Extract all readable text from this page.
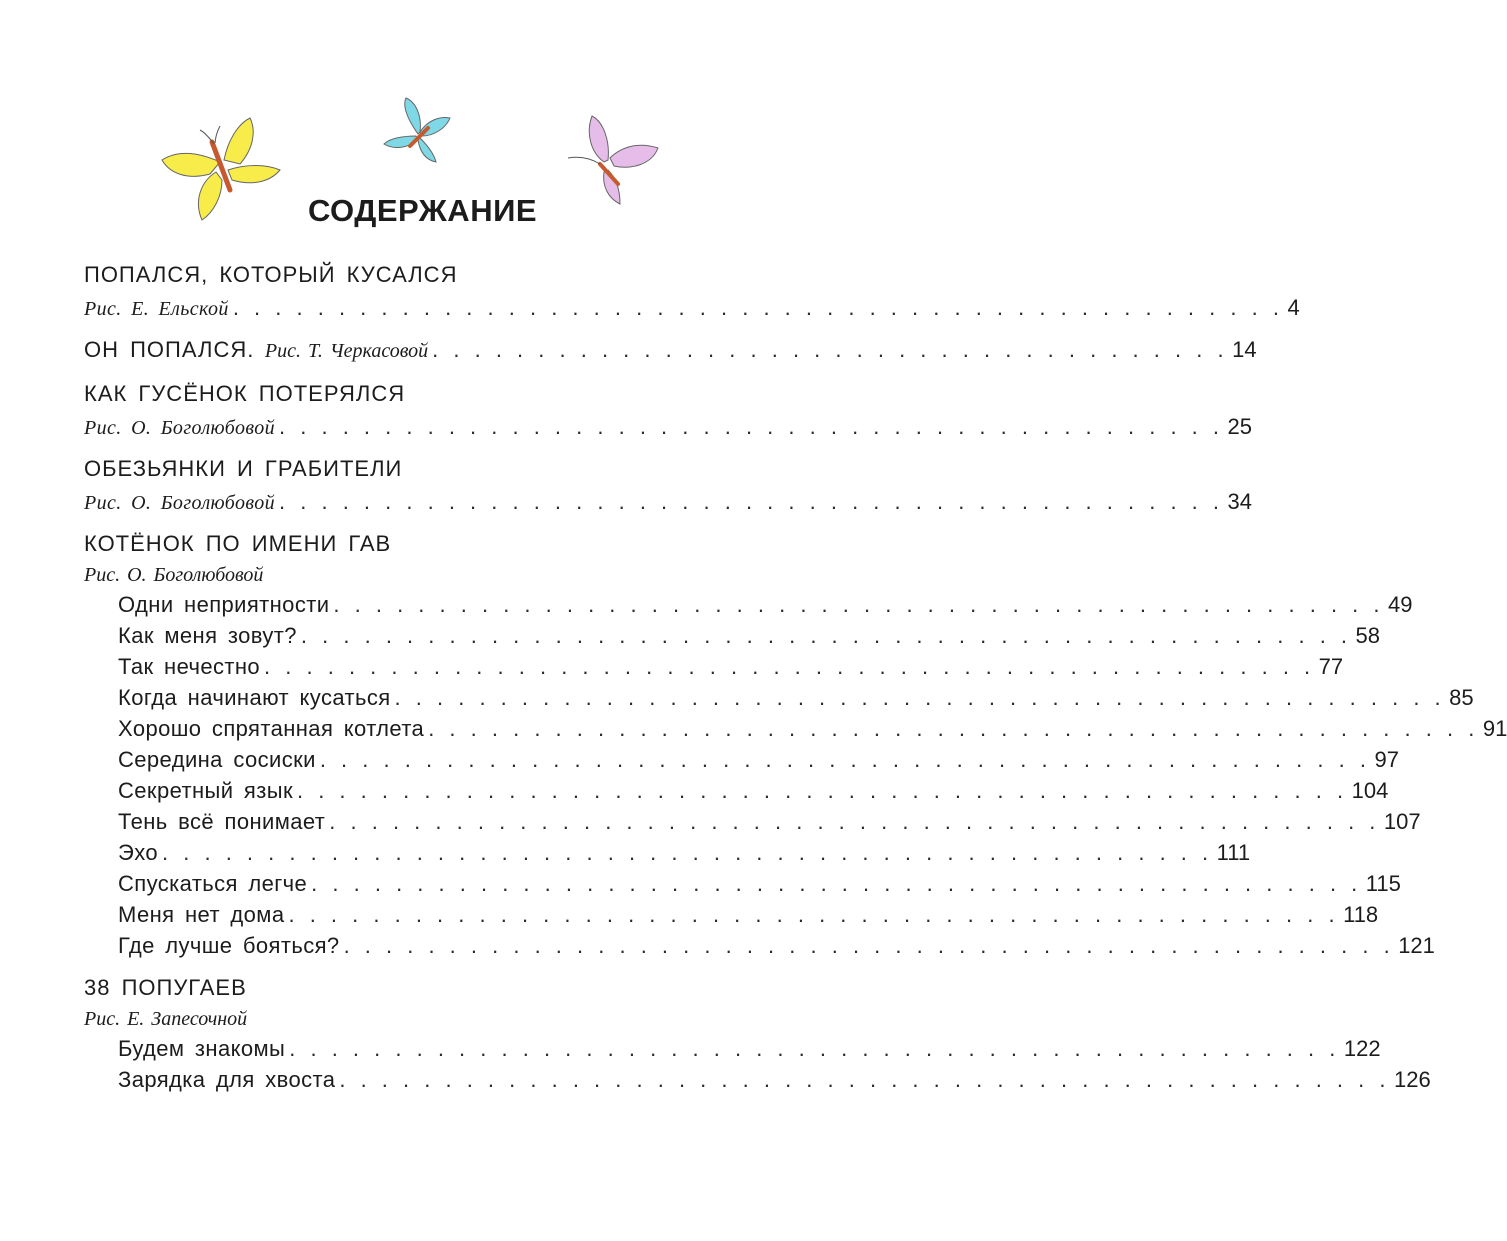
СОДЕРЖАНИЕ
ПОПАЛСЯ, КОТОРЫЙ КУСАЛСЯ
Рис. Е. Ельской . . . . . . . . . . . . . . . . . . . . . . . . . . . . . . . . . . . . . . . . . . . . . . . . . . 4
ОН ПОПАЛСЯ. Рис. Т. Черкасовой . . . . . . . . . . . . . . . . . . . . . . . . . . . . . . . . . . . . . . 14
КАК ГУСЁНОК ПОТЕРЯЛСЯ
Рис. О. Боголюбовой . . . . . . . . . . . . . . . . . . . . . . . . . . . . . . . . . . . . . . . . . . . . . 25
ОБЕЗЬЯНКИ И ГРАБИТЕЛИ
Рис. О. Боголюбовой . . . . . . . . . . . . . . . . . . . . . . . . . . . . . . . . . . . . . . . . . . . . . 34
КОТЁНОК ПО ИМЕНИ ГАВ
Рис. О. Боголюбовой
Одни неприятности . . . . . . . . . . . . . . . . . . . . . . . . . . . . . . . . . . . . . . . . . . . . . . . . . . 49
Как меня зовут? . . . . . . . . . . . . . . . . . . . . . . . . . . . . . . . . . . . . . . . . . . . . . . . . . . 58
Так нечестно . . . . . . . . . . . . . . . . . . . . . . . . . . . . . . . . . . . . . . . . . . . . . . . . . . 77
Когда начинают кусаться . . . . . . . . . . . . . . . . . . . . . . . . . . . . . . . . . . . . . . . . . . . . . . . . . . 85
Хорошо спрятанная котлета . . . . . . . . . . . . . . . . . . . . . . . . . . . . . . . . . . . . . . . . . . . . . . . . . . 91
Середина сосиски . . . . . . . . . . . . . . . . . . . . . . . . . . . . . . . . . . . . . . . . . . . . . . . . . . 97
Секретный язык . . . . . . . . . . . . . . . . . . . . . . . . . . . . . . . . . . . . . . . . . . . . . . . . . . 104
Тень всё понимает . . . . . . . . . . . . . . . . . . . . . . . . . . . . . . . . . . . . . . . . . . . . . . . . . . 107
Эхо . . . . . . . . . . . . . . . . . . . . . . . . . . . . . . . . . . . . . . . . . . . . . . . . . . 111
Спускаться легче . . . . . . . . . . . . . . . . . . . . . . . . . . . . . . . . . . . . . . . . . . . . . . . . . . 115
Меня нет дома . . . . . . . . . . . . . . . . . . . . . . . . . . . . . . . . . . . . . . . . . . . . . . . . . . 118
Где лучше бояться? . . . . . . . . . . . . . . . . . . . . . . . . . . . . . . . . . . . . . . . . . . . . . . . . . . 121
38 ПОПУГАЕВ
Рис. Е. Запесочной
Будем знакомы . . . . . . . . . . . . . . . . . . . . . . . . . . . . . . . . . . . . . . . . . . . . . . . . . . 122
Зарядка для хвоста . . . . . . . . . . . . . . . . . . . . . . . . . . . . . . . . . . . . . . . . . . . . . . . . . . 126
